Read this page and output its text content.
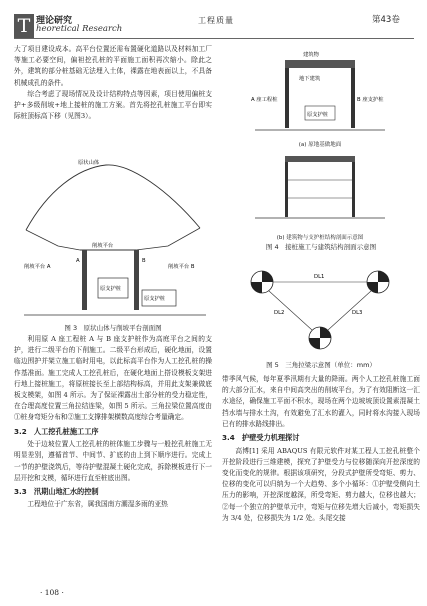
T 理论研究
heoretical Research
工程质量	第43卷

大了项目建设成本。高平台位置还需布置硬化道路以及材料加工厂等施工必要空间，偏袒挖孔桩的平面施工面积再次缩小。除此之外，建筑的部分桩基础无法埋入土体，裸露在地表面以上，不具备机械成孔的条件。

综合考虑了现场情况及设计结构特点等因素，项目使用偏桩支护+多级削坡+地上接桩的施工方案。首先将挖孔桩施工平台即实际桩顶标高下移（见图3）。

原状山体
削坡平台
A	B
削坡平台 A	削坡平台 B
原支护桩
原支护桩
图 3　原状山体与削坡平台剖面图

利用原 A 座工程桩 A 与 B 座支护桩作为高庭平台之间的支护，进行二级平台的下削施工。二级平台形成后，硬化地面，设置临边围护并架立施工临时用电，以此标高平台作为人工挖孔桩的操作基准面。施工完成人工挖孔桩后，在硬化地面上搭设模板支架进行地上接桩施工，将原桩接长至上部结构标高，并用此支架兼做底板支模架，如图 4 所示。为了保证裸露出土部分桩的受力稳定性，在合理高度位置三角拉结连梁，如图 5 所示。三角拉梁位置高度由①桩身弯矩分布和②施工支撑排架横数高度综合考量确定。

3.2　人工挖孔桩施工工序

处于边坡位置人工挖孔桩的桩体施工步骤与一般挖孔桩施工无明显差别，遵循首节、中间节、扩底的由上到下顺序进行。完成上一节的护壁浇筑后，等待护壁混凝土硬化完成，拆除模板进行下一层开挖和支模，循环进行直至桩底出图。

3.3　汛期山地汇水的控制

工程地位于广东省，属我国南方潮湿多雨的亚热

建筑物
地下建筑
A 座工程桩	B 座支护桩
原支护桩
(a) 原地基做地面
(b) 建筑物与支护桩结构剖面示意图
图 4　接桩施工与建筑结构剖面示意图
DL1
DL2	DL3
图 5　三角拉梁示意图（单位：mm）

带季风气候，每年夏季汛期有大量的降雨。两个人工挖孔桩施工面的大部分汇水，来自中间高突出的削坡平台，为了有效阻断这一汇水途径，确保施工平面不积水，现场在两个边坡坡顶设置素混凝土挡水墙与排水土沟，有效避免了汇水的灌入，同时将水沟接入现场已有的排水路线排出。

3.4　护壁受力机理探讨

高博[1] 采用 ABAQUS 有限元软件对某工程人工挖孔桩整个开挖阶段进行三维建模，探究了护壁受力与位移随深向开挖深度的变化而变化的规律。根据该项研究，分段式护壁所受弯矩、剪力、位移的变化可以归纳为一个大趋势、多个小循环：①护壁受侧向土压力的影响，开挖深度越深，所受弯矩、剪力越大，位移也越大；②每一个独立的护壁单元中，弯矩与位移先增大后减小，弯矩损失为 3/4 处，位移损失为 1/2 处。头尾交接

· 108 ·
